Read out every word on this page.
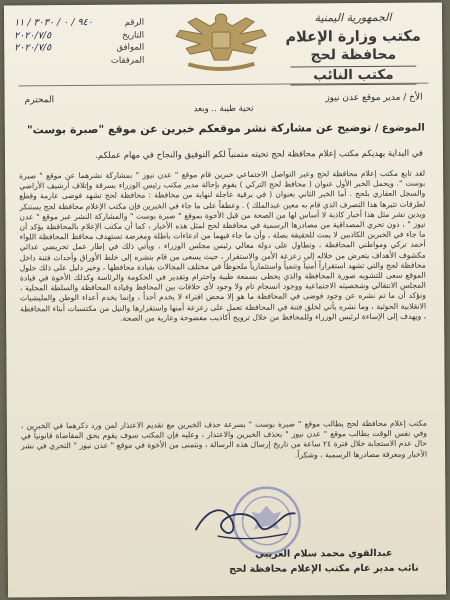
الجمهورية اليمنية
مكتب وزارة الإعلام
محافظة لحج
مكتب النائب
الرقم
٩٤٠ / ٠ / ٣٠٣٠ / ١١
التاريخ
٢٠٢٠/٧/٥
الموافق
٢٠٢٠/٧/٥
المرفقات
الأخ / مدير موقع عدن نيوز
المحترم
تحية طيبة .. وبعد
الموضوع / توضيح عن مشاركة نشر موقعكم خبرين عن موقع "صبرة بوست"
في البداية يهديكم مكتب إعلام محافظة لحج تحيته متمنياً لكم التوفيق والنجاح في مهام عملكم.
لقد تابع مكتب إعلام محافظة لحج وعبر التواصل الاجتماعي خبرين قام موقع " عدن نيوز " بمشاركة نشرهما عن موقع " صبرة بوست ". ويحمل الخبر الأول عنوان ( محافظ لحج التركي ) يقوم بإحالة مدير مكتب رئيس الوزراء بسرقة وإتلاف أرشيف الأراضي والسجل العقاري بلحج . أما الخبر الثاني بعنوان ( في برقية عاجلة لنهاية من محافظة : محافظة لحج تشهد فوضى عارمة وقطع لطرقات تثيرها هذا التصرف الذي قام به معين عبدالملك ) . وعطفاً على ما جاء في الخبرين فإن مكتب الإعلام محافظة لحج يستنكر ويدين نشر مثل هذا أخبار كاذبة لا أساس لها من الصحة من قبل الأخوة بموقع " صبرة بوست " والمشاركة النشر عبر موقع " عدن نيوز " ، دون تحري المصداقية من مصادرها الرسمية في محافظة لحج لمثل هذه الأخبار ، كما أن مكتب الإعلام بالمحافظة يؤكد أن ما جاء في الخبرين الكاذبين لا يمت للحقيقة بصلة ، وأن ما جاء فيهما من ادعاءات باطلة ومغرضة تستهدف محافظ المحافظة اللواء أحمد تركي ومواطني المحافظة ، وتطاول على دولة معالي رئيس مجلس الوزراء ، ويأتي ذلك في إطار عمل تحريضي عدائي مكشوف الأهداف يتعرض من خلاله إلى زعزعة الأمن والاستقرار ، حيث يسعى من قام بنشره إلى خلط الأوراق وأحداث فتنة داخل محافظة لحج والتي تشهد استقراراً أمنياً وتنمياً واستثمارياً ملحوظاً في مختلف المجالات بقيادة محافظها ، وخير دليل على ذلك حلول الموقع سعى للتشويه صورة المحافظة والذي يحظى بسمعة طيبة واحترام وتقدير في الحكومة والرئاسة وكذلك الأخوة في قيادة المجلس الانتقالي وشخصيته الاجتماعية ووجود انسجام تام ولا وجود لأي خلافات بين المحافظ وقيادة المحافظة والسلطة المحلية ، ونؤكد أن ما تم نشره عن وجود فوضى في المحافظة ما هو إلا محض افتراء لا يخدم أحداً ، وإنما يخدم أعداء الوطن والمليشيات الانقلابية الحوثية ، وما نشره يأتي لخلق فتنة في المحافظة تعمل على زعزعة أمنها واستقرارها والنيل من مكتسبات أبناء المحافظة ، ويهدف إلى الإساءة لرئيس الوزراء وللمحافظ من خلال ترويج أكاذيب مفضوحة وعارية من الصحة.
مكتب إعلام محافظة لحج يطالب موقع " صبرة بوست " بسرعة حذف الخبرين مع تقديم الاعتذار لمن ورد ذكرهما في الخبرين ، وفي نفس الوقت يطالب موقع " عدن نيوز " بحذف الخبرين والاعتذار ، وعليه فإن المكتب سوف يقوم بحق المقاضاة قانونياً في حال عدم الاستجابة خلال فترة ٢٤ ساعة من تاريخ إرسال هذه الرسالة ، ونتمنى من الأخوة في موقع " عدن نيوز " التحري في نشر الأخبار ومعرفة مصادرها الرسمية ، وشكراً.
عبدالقوي محمد سلام العريبي
نائب مدير عام مكتب الإعلام محافظة لحج
